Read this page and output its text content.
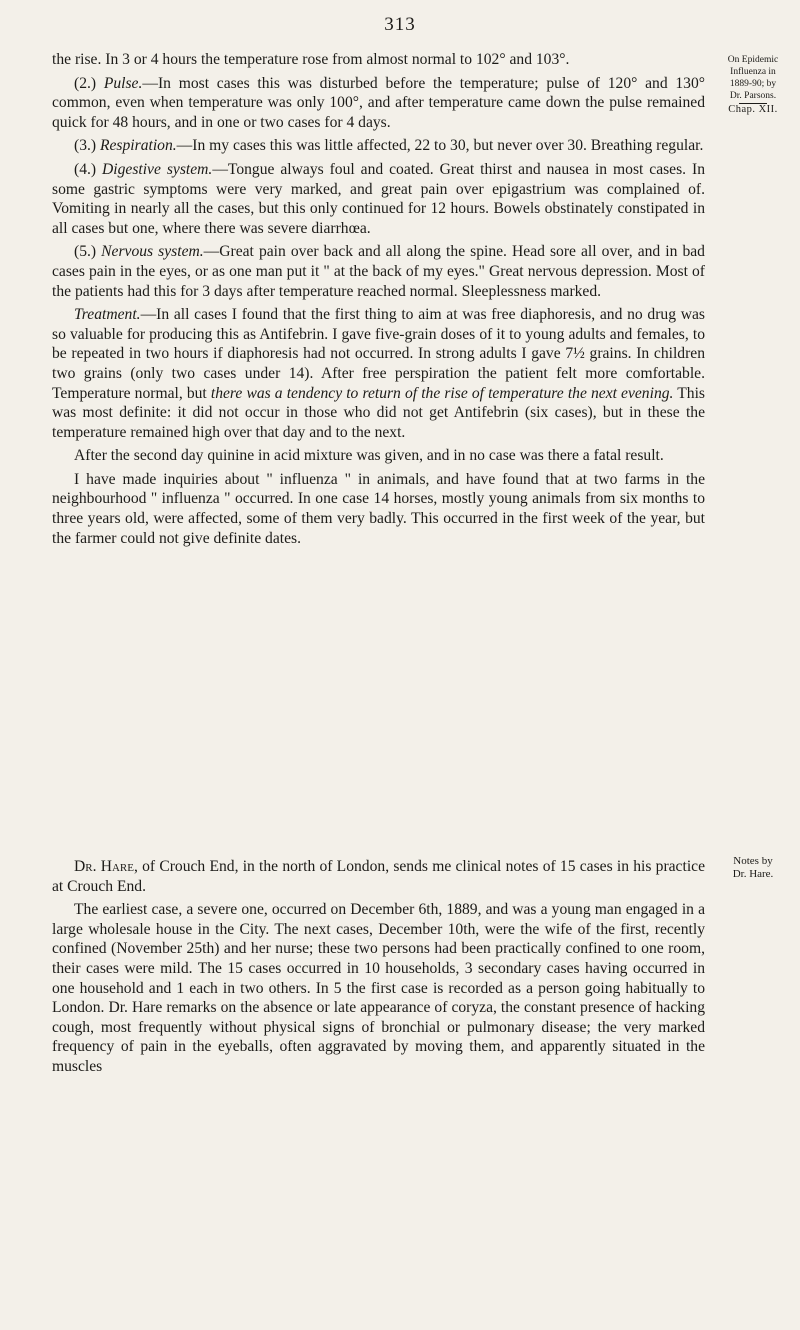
313
On Epidemic
Influenza in
1889-90; by
Dr. Parsons.
Chap. XII.

the rise. In 3 or 4 hours the temperature rose from almost normal to 102° and 103°.

(2.) Pulse.—In most cases this was disturbed before the temperature; pulse of 120° and 130° common, even when temperature was only 100°, and after temperature came down the pulse remained quick for 48 hours, and in one or two cases for 4 days.

(3.) Respiration.—In my cases this was little affected, 22 to 30, but never over 30. Breathing regular.

(4.) Digestive system.—Tongue always foul and coated. Great thirst and nausea in most cases. In some gastric symptoms were very marked, and great pain over epigastrium was complained of. Vomiting in nearly all the cases, but this only continued for 12 hours. Bowels obstinately constipated in all cases but one, where there was severe diarrhœa.

(5.) Nervous system.—Great pain over back and all along the spine. Head sore all over, and in bad cases pain in the eyes, or as one man put it " at the back of my eyes." Great nervous depression. Most of the patients had this for 3 days after temperature reached normal. Sleeplessness marked.

Treatment.—In all cases I found that the first thing to aim at was free diaphoresis, and no drug was so valuable for producing this as Antifebrin. I gave five-grain doses of it to young adults and females, to be repeated in two hours if diaphoresis had not occurred. In strong adults I gave 7½ grains. In children two grains (only two cases under 14). After free perspiration the patient felt more comfortable. Temperature normal, but there was a tendency to return of the rise of temperature the next evening. This was most definite: it did not occur in those who did not get Antifebrin (six cases), but in these the temperature remained high over that day and to the next.

After the second day quinine in acid mixture was given, and in no case was there a fatal result.

I have made inquiries about " influenza " in animals, and have found that at two farms in the neighbourhood " influenza " occurred. In one case 14 horses, mostly young animals from six months to three years old, were affected, some of them very badly. This occurred in the first week of the year, but the farmer could not give definite dates.

Notes by
Dr. Hare.

Dr. Hare, of Crouch End, in the north of London, sends me clinical notes of 15 cases in his practice at Crouch End.

The earliest case, a severe one, occurred on December 6th, 1889, and was a young man engaged in a large wholesale house in the City. The next cases, December 10th, were the wife of the first, recently confined (November 25th) and her nurse; these two persons had been practically confined to one room, their cases were mild. The 15 cases occurred in 10 households, 3 secondary cases having occurred in one household and 1 each in two others. In 5 the first case is recorded as a person going habitually to London. Dr. Hare remarks on the absence or late appearance of coryza, the constant presence of hacking cough, most frequently without physical signs of bronchial or pulmonary disease; the very marked frequency of pain in the eyeballs, often aggravated by moving them, and apparently situated in the muscles
